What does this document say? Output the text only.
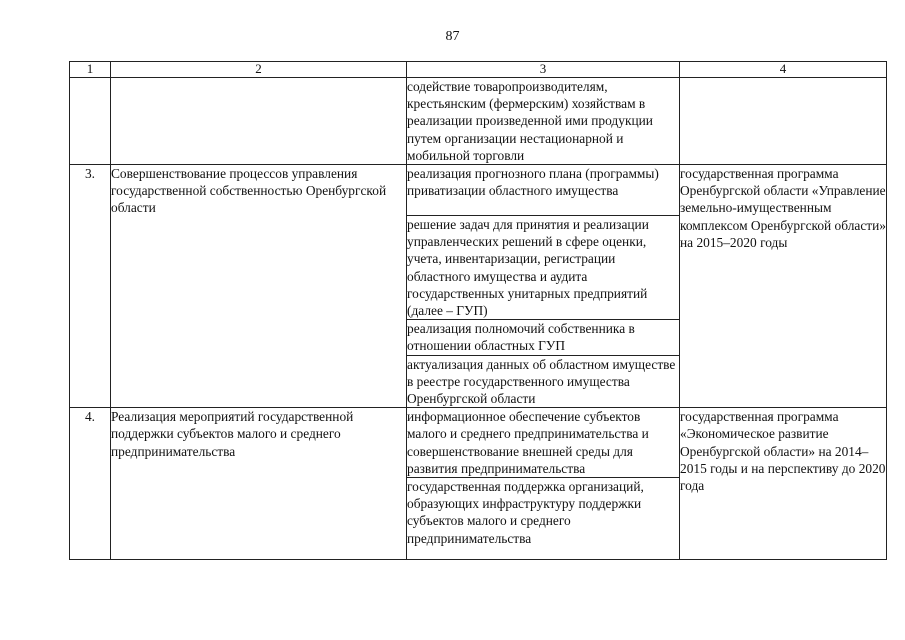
87
1	2	3	4
		содействие товаропроизводителям, крестьянским (фермерским) хозяйствам в реализации произведенной ими продукции путем организации нестационарной и мобильной торговли	
3.	Совершенствование процессов управления государственной собственностью Оренбургской области	реализация прогнозного плана (программы) приватизации областного имущества	государственная программа Оренбургской области «Управление земельно-имущественным комплексом Оренбургской области» на 2015–2020 годы
		решение задач для принятия и реализации управленческих решений в сфере оценки, учета, инвентаризации, регистрации областного имущества и аудита государственных унитарных предприятий (далее – ГУП)	
		реализация полномочий собственника в отношении областных ГУП	
		актуализация данных об областном имуществе в реестре государственного имущества Оренбургской области	
4.	Реализация мероприятий государственной поддержки субъектов малого и среднего предпринимательства	информационное обеспечение субъектов малого и среднего предпринимательства и совершенствование внешней среды для развития предпринимательства	государственная программа «Экономическое развитие Оренбургской области» на 2014–2015 годы и на перспективу до 2020 года
		государственная поддержка организаций, образующих инфраструктуру поддержки субъектов малого и среднего предпринимательства	
